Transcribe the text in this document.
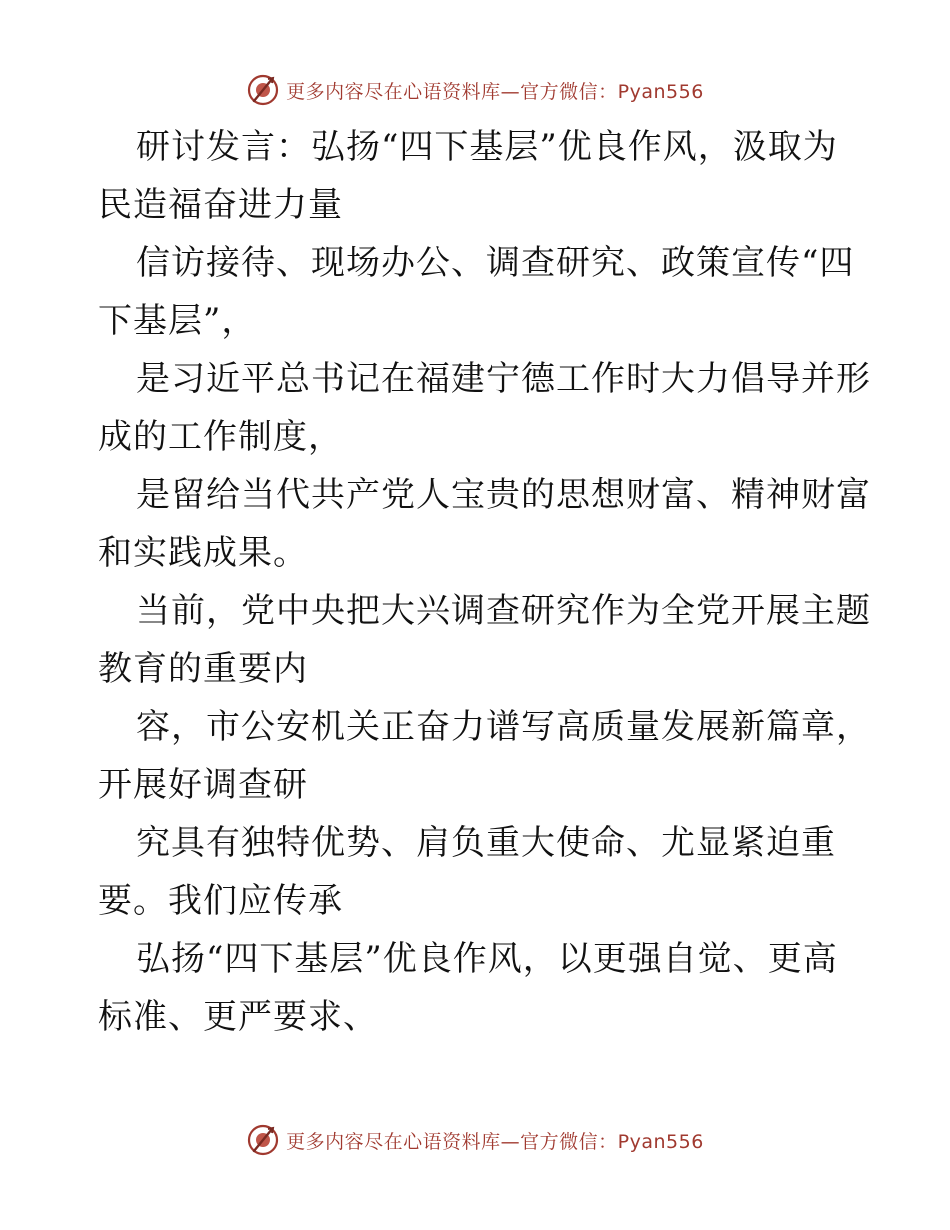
更多内容尽在心语资料库—官方微信：Pyan556
研讨发言：弘扬“四下基层”优良作风，汲取为
民造福奋进力量
信访接待、现场办公、调查研究、政策宣传“四
下基层”，
是习近平总书记在福建宁德工作时大力倡导并形
成的工作制度，
是留给当代共产党人宝贵的思想财富、精神财富
和实践成果。
当前，党中央把大兴调查研究作为全党开展主题
教育的重要内
容，市公安机关正奋力谱写高质量发展新篇章，
开展好调查研
究具有独特优势、肩负重大使命、尤显紧迫重
要。我们应传承
弘扬“四下基层”优良作风，以更强自觉、更高
标准、更严要求、
更多内容尽在心语资料库—官方微信：Pyan556
